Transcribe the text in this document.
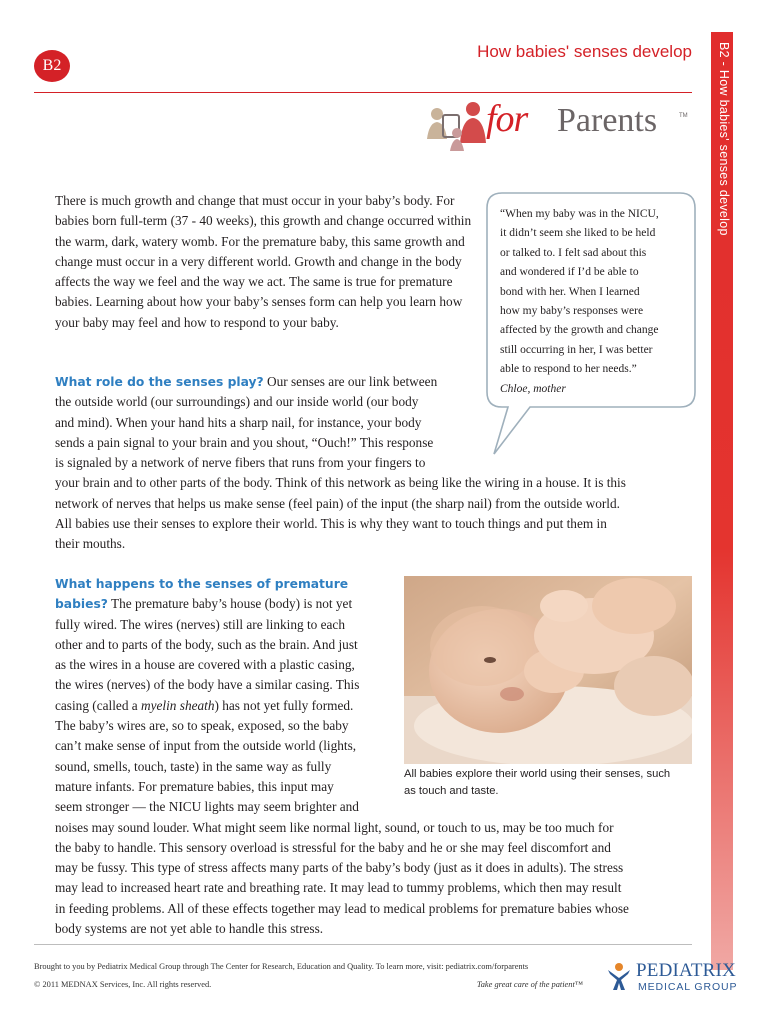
B2 - How babies' senses develop
B2
How babies' senses develop
for Parents	TM
There is much growth and change that must occur in your baby’s body. For babies born full-term (37 - 40 weeks), this growth and change occurred within the warm, dark, watery womb. For the premature baby, this same growth and change must occur in a very different world. Growth and change in the body affects the way we feel and the way we act. The same is true for premature babies. Learning about how your baby’s senses form can help you learn how your baby may feel and how to respond to your baby.
“When my baby was in the NICU,
it didn’t seem she liked to be held
or talked to. I felt sad about this
and wondered if I’d be able to
bond with her. When I learned
how my baby’s responses were
affected by the growth and change
still occurring in her, I was better
able to respond to her needs.”
Chloe, mother
What role do the senses play? Our senses are our link between
the outside world (our surroundings) and our inside world (our body
and mind). When your hand hits a sharp nail, for instance, your body
sends a pain signal to your brain and you shout, “Ouch!” This response
is signaled by a network of nerve fibers that runs from your fingers to
your brain and to other parts of the body. Think of this network as being like the wiring in a house. It is this
network of nerves that helps us make sense (feel pain) of the input (the sharp nail) from the outside world.
All babies use their senses to explore their world. This is why they want to touch things and put them in
their mouths.
What happens to the senses of premature
babies? The premature baby’s house (body) is not yet
fully wired. The wires (nerves) still are linking to each
other and to parts of the body, such as the brain. And just
as the wires in a house are covered with a plastic casing,
the wires (nerves) of the body have a similar casing. This
casing (called a myelin sheath) has not yet fully formed.
The baby’s wires are, so to speak, exposed, so the baby
can’t make sense of input from the outside world (lights,
sound, smells, touch, taste) in the same way as fully
mature infants. For premature babies, this input may
seem stronger — the NICU lights may seem brighter and
noises may sound louder. What might seem like normal light, sound, or touch to us, may be too much for
the baby to handle. This sensory overload is stressful for the baby and he or she may feel discomfort and
may be fussy. This type of stress affects many parts of the baby’s body (just as it does in adults). The stress
may lead to increased heart rate and breathing rate. It may lead to tummy problems, which then may result
in feeding problems. All of these effects together may lead to medical problems for premature babies whose
body systems are not yet able to handle this stress.
All babies explore their world using their senses, such
as touch and taste.
Brought to you by Pediatrix Medical Group through The Center for Research, Education and Quality. To learn more, visit: pediatrix.com/forparents
© 2011 MEDNAX Services, Inc. All rights reserved.	Take great care of the patient™
PEDIATRIX
MEDICAL GROUP
